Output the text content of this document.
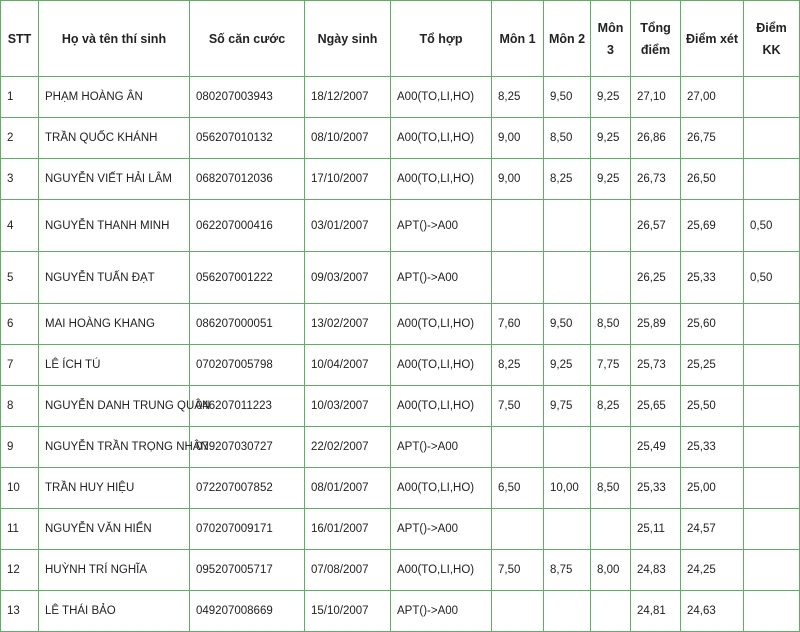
STT	Họ và tên thí sinh	Số căn cước	Ngày sinh	Tổ hợp	Môn 1	Môn 2	Môn 3	Tổng điểm	Điểm xét	Điểm KK
1	PHẠM HOÀNG ÂN	080207003943	18/12/2007	A00(TO,LI,HO)	8,25	9,50	9,25	27,10	27,00	
2	TRẦN QUỐC KHÁNH	056207010132	08/10/2007	A00(TO,LI,HO)	9,00	8,50	9,25	26,86	26,75	
3	NGUYỄN VIẾT HẢI LÂM	068207012036	17/10/2007	A00(TO,LI,HO)	9,00	8,25	9,25	26,73	26,50	
4	NGUYỄN THANH MINH	062207000416	03/01/2007	APT()->A00				26,57	25,69	0,50
5	NGUYỄN TUẤN ĐẠT	056207001222	09/03/2007	APT()->A00				26,25	25,33	0,50
6	MAI HOÀNG KHANG	086207000051	13/02/2007	A00(TO,LI,HO)	7,60	9,50	8,50	25,89	25,60	
7	LÊ ÍCH TÚ	070207005798	10/04/2007	A00(TO,LI,HO)	8,25	9,25	7,75	25,73	25,25	
8	NGUYỄN DANH TRUNG QUÂN	046207011223	10/03/2007	A00(TO,LI,HO)	7,50	9,75	8,25	25,65	25,50	
9	NGUYỄN TRẦN TRỌNG NHÂN	079207030727	22/02/2007	APT()->A00				25,49	25,33	
10	TRẦN HUY HIỆU	072207007852	08/01/2007	A00(TO,LI,HO)	6,50	10,00	8,50	25,33	25,00	
11	NGUYỄN VĂN HIỂN	070207009171	16/01/2007	APT()->A00				25,11	24,57	
12	HUỲNH TRÍ NGHĨA	095207005717	07/08/2007	A00(TO,LI,HO)	7,50	8,75	8,00	24,83	24,25	
13	LÊ THÁI BẢO	049207008669	15/10/2007	APT()->A00				24,81	24,63	
